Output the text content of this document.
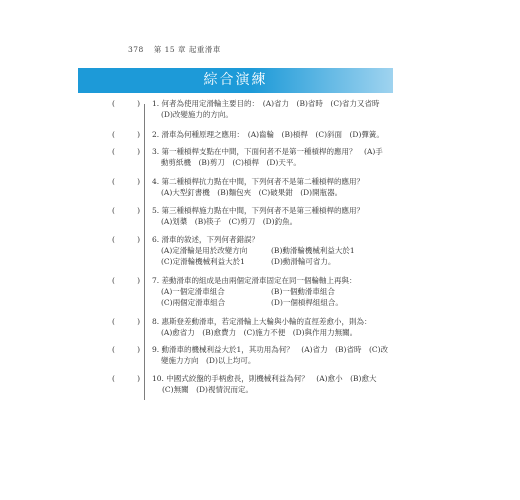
378 第 15 章 起重滑車
綜合演練
(	) 1. 何者為使用定滑輪主要目的：　(A)省力　(B)省時　(C)省力又省時
(D)改變施力的方向。
(	) 2. 滑車為何種原理之應用：　(A)齒輪　(B)槓桿　(C)斜面　(D)彈簧。
(	) 3. 第一種槓桿支點在中間，下面何者不是第一種槓桿的應用？　(A)手
動剪紙機　(B)剪刀　(C)槓桿　(D)天平。
(	) 4. 第二種槓桿抗力點在中間，下列何者不是第二種槓桿的應用？
(A)大型釘書機　(B)麵包夾　(C)破果鉗　(D)開瓶器。
(	) 5. 第三種槓桿施力點在中間，下列何者不是第三種槓桿的應用？
(A)划槳　(B)筷子　(C)剪刀　(D)釣魚。
(	) 6. 滑車的敘述，下列何者錯誤？
(A)定滑輪是用於改變方向	(B)動滑輪機械利益大於1
(C)定滑輪機械利益大於1	(D)動滑輪可省力。
(	) 7. 差動滑車的組成是由兩個定滑車固定在同一個輪軸上再與：
(A)一個定滑車組合	(B)一個動滑車組合
(C)兩個定滑車組合	(D)一個槓桿組組合。
(	) 8. 惠斯登差動滑車，若定滑輪上大輪與小輪的直徑差愈小，則為：
(A)愈省力　(B)愈費力　(C)施力不便　(D)與作用力無關。
(	) 9. 動滑車的機械利益大於1，其功用為何？　(A)省力　(B)省時　(C)改
變施力方向　(D)以上均可。
(	) 10. 中國式絞盤的手柄愈長，則機械利益為何？　(A)愈小　(B)愈大
(C)無關　(D)視情況而定。
